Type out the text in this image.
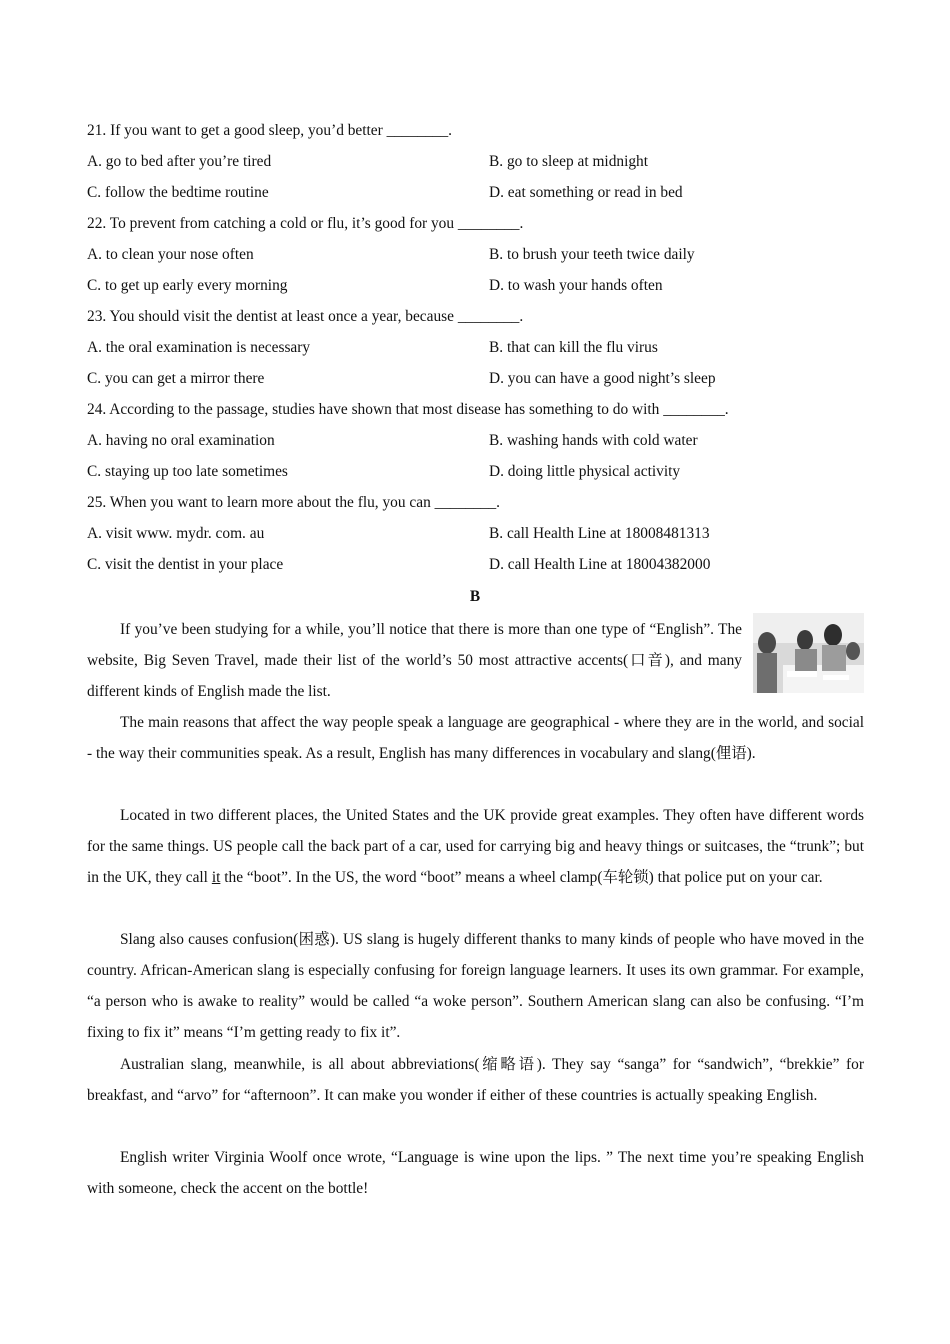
21. If you want to get a good sleep, you’d better ________.
A. go to bed after you’re tired	B. go to sleep at midnight
C. follow the bedtime routine	D. eat something or read in bed
22. To prevent from catching a cold or flu, it’s good for you ________.
A. to clean your nose often	B. to brush your teeth twice daily
C. to get up early every morning	D. to wash your hands often
23. You should visit the dentist at least once a year, because ________.
A. the oral examination is necessary	B. that can kill the flu virus
C. you can get a mirror there	D. you can have a good night’s sleep
24. According to the passage, studies have shown that most disease has something to do with ________.
A. having no oral examination	B. washing hands with cold water
C. staying up too late sometimes	D. doing little physical activity
25. When you want to learn more about the flu, you can ________.
A. visit www. mydr. com. au	B. call Health Line at 18008481313
C. visit the dentist in your place	D. call Health Line at 18004382000
B
If you’ve been studying for a while, you’ll notice that there is more than one type of “English”. The website, Big Seven Travel, made their list of the world’s 50 most attractive accents(口音), and many different kinds of English made the list.
The main reasons that affect the way people speak a language are geographical - where they are in the world, and social - the way their communities speak. As a result, English has many differences in vocabulary and slang(俚语).
Located in two different places, the United States and the UK provide great examples. They often have different words for the same things. US people call the back part of a car, used for carrying big and heavy things or suitcases, the “trunk”; but in the UK, they call it the “boot”. In the US, the word “boot” means a wheel clamp(车轮锁) that police put on your car.
Slang also causes confusion(困惑). US slang is hugely different thanks to many kinds of people who have moved in the country. African-American slang is especially confusing for foreign language learners. It uses its own grammar. For example, “a person who is awake to reality” would be called “a woke person”. Southern American slang can also be confusing. “I’m fixing to fix it” means “I’m getting ready to fix it”.
Australian slang, meanwhile, is all about abbreviations(缩略语). They say “sanga” for “sandwich”, “brekkie” for breakfast, and “arvo” for “afternoon”. It can make you wonder if either of these countries is actually speaking English.
English writer Virginia Woolf once wrote, “Language is wine upon the lips. ” The next time you’re speaking English with someone, check the accent on the bottle!
